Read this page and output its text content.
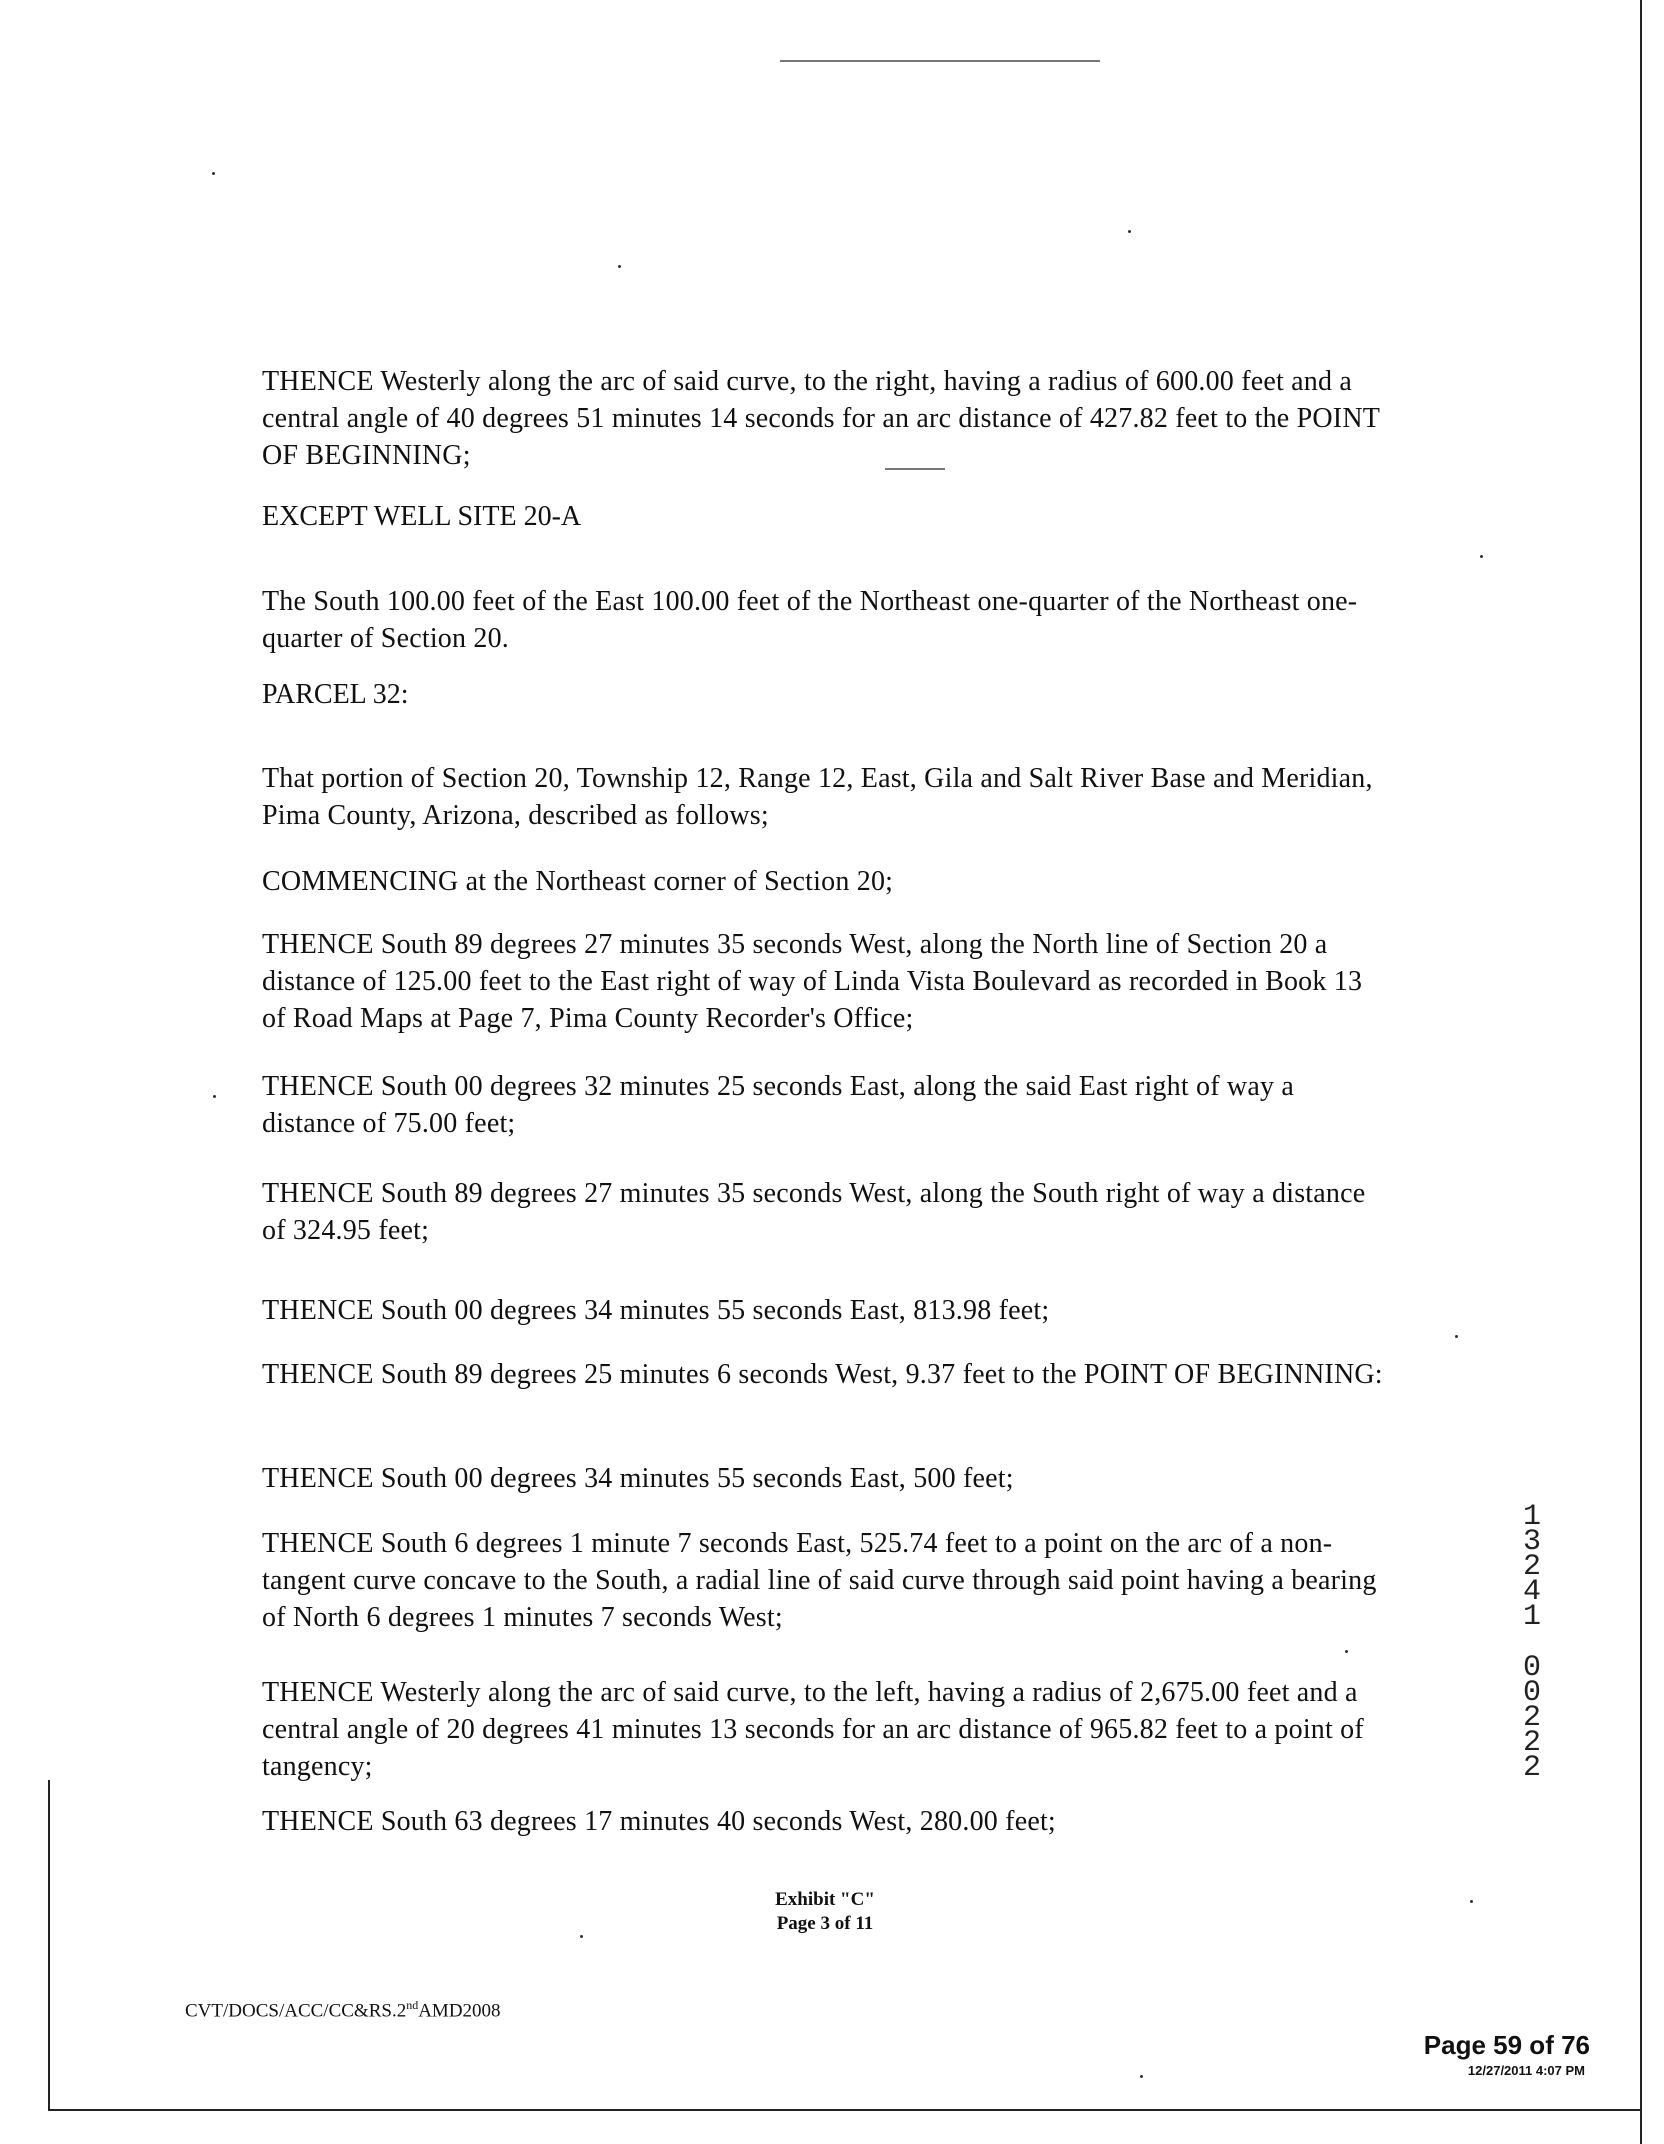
THENCE Westerly along the arc of said curve, to the right, having a radius of 600.00 feet and a central angle of 40 degrees 51 minutes 14 seconds for an arc distance of 427.82 feet to the POINT OF BEGINNING;

EXCEPT WELL SITE 20-A

The South 100.00 feet of the East 100.00 feet of the Northeast one-quarter of the Northeast one-quarter of Section 20.

PARCEL 32:

That portion of Section 20, Township 12, Range 12, East, Gila and Salt River Base and Meridian, Pima County, Arizona, described as follows;

COMMENCING at the Northeast corner of Section 20;

THENCE South 89 degrees 27 minutes 35 seconds West, along the North line of Section 20 a distance of 125.00 feet to the East right of way of Linda Vista Boulevard as recorded in Book 13 of Road Maps at Page 7, Pima County Recorder's Office;

THENCE South 00 degrees 32 minutes 25 seconds East, along the said East right of way a distance of 75.00 feet;

THENCE South 89 degrees 27 minutes 35 seconds West, along the South right of way a distance of 324.95 feet;

THENCE South 00 degrees 34 minutes 55 seconds East, 813.98 feet;

THENCE South 89 degrees 25 minutes 6 seconds West, 9.37 feet to the POINT OF BEGINNING:

THENCE South 00 degrees 34 minutes 55 seconds East, 500 feet;

THENCE South 6 degrees 1 minute 7 seconds East, 525.74 feet to a point on the arc of a non-tangent curve concave to the South, a radial line of said curve through said point having a bearing of North 6 degrees 1 minutes 7 seconds West;

THENCE Westerly along the arc of said curve, to the left, having a radius of 2,675.00 feet and a central angle of 20 degrees 41 minutes 13 seconds for an arc distance of 965.82 feet to a point of tangency;

THENCE South 63 degrees 17 minutes 40 seconds West, 280.00 feet;

1
3
2
4
1
0
0
2
2
2
Exhibit "C"
Page 3 of 11
CVT/DOCS/ACC/CC&RS.2ndAMD2008
Page 59 of 76
12/27/2011 4:07 PM
